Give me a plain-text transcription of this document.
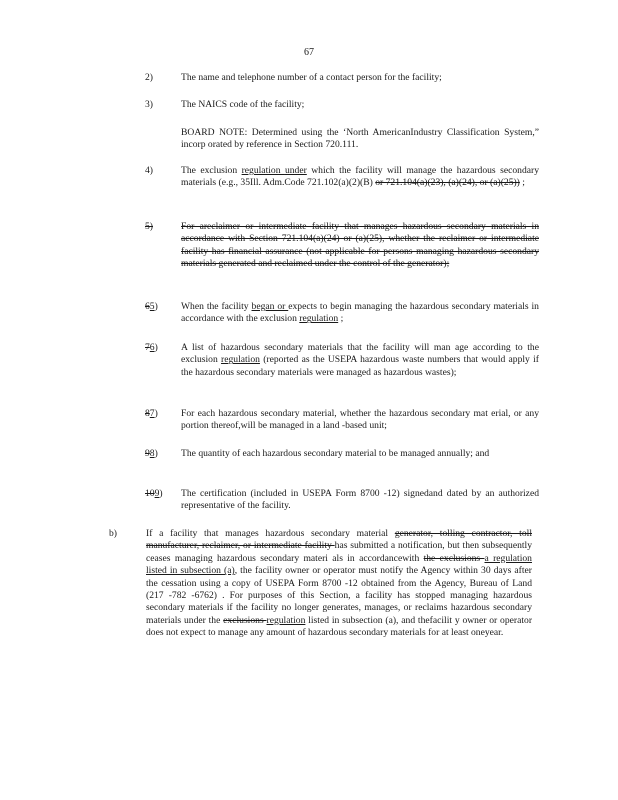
67
2)	The name and telephone number of a contact person for the facility;
3)	The NAICS code of the facility;
BOARD NOTE: Determined using the ‘North AmericanIndustry Classification System,” incorp orated by reference in Section 720.111.
4)	The exclusion regulation under which the facility will manage the hazardous secondary materials (e.g., 35Ill. Adm.Code 721.102(a)(2)(B) or 721.104(a)(23), (a)(24), or (a)(25)) ;
5)	For areclaimer or intermediate facility that manages hazardous secondary materials in accordance with Section 721.104(a)(24) or (a)(25), whether the reclaimer or intermediate facility has financial assurance (not applicable for persons managing hazardous secondary materials generated and reclaimed under the control of the generator);
65)	When the facility began or expects to begin managing the hazardous secondary materials in accordance with the exclusion regulation ;
76)	A list of hazardous secondary materials that the facility will man age according to the exclusion regulation (reported as the USEPA hazardous waste numbers that would apply if the hazardous secondary materials were managed as hazardous wastes);
87)	For each hazardous secondary material, whether the hazardous secondary mat erial, or any portion thereof,will be managed in a land -based unit;
98)	The quantity of each hazardous secondary material to be managed annually; and
109)	The certification (included in USEPA Form 8700 -12) signedand dated by an authorized representative of the facility.
b)	If a facility that manages hazardous secondary material generator, tolling contractor, toll manufacturer, reclaimer, or intermediate facility has submitted a notification, but then subsequently ceases managing hazardous secondary materi als in accordancewith the exclusions a regulation listed in subsection (a), the facility owner or operator must notify the Agency within 30 days after the cessation using a copy of USEPA Form 8700 -12 obtained from the Agency, Bureau of Land (217 -782 -6762) . For purposes of this Section, a facility has stopped managing hazardous secondary materials if the facility no longer generates, manages, or reclaims hazardous secondary materials under the exclusions regulation listed in subsection (a), and thefacilit y owner or operator does not expect to manage any amount of hazardous secondary materials for at least oneyear.
